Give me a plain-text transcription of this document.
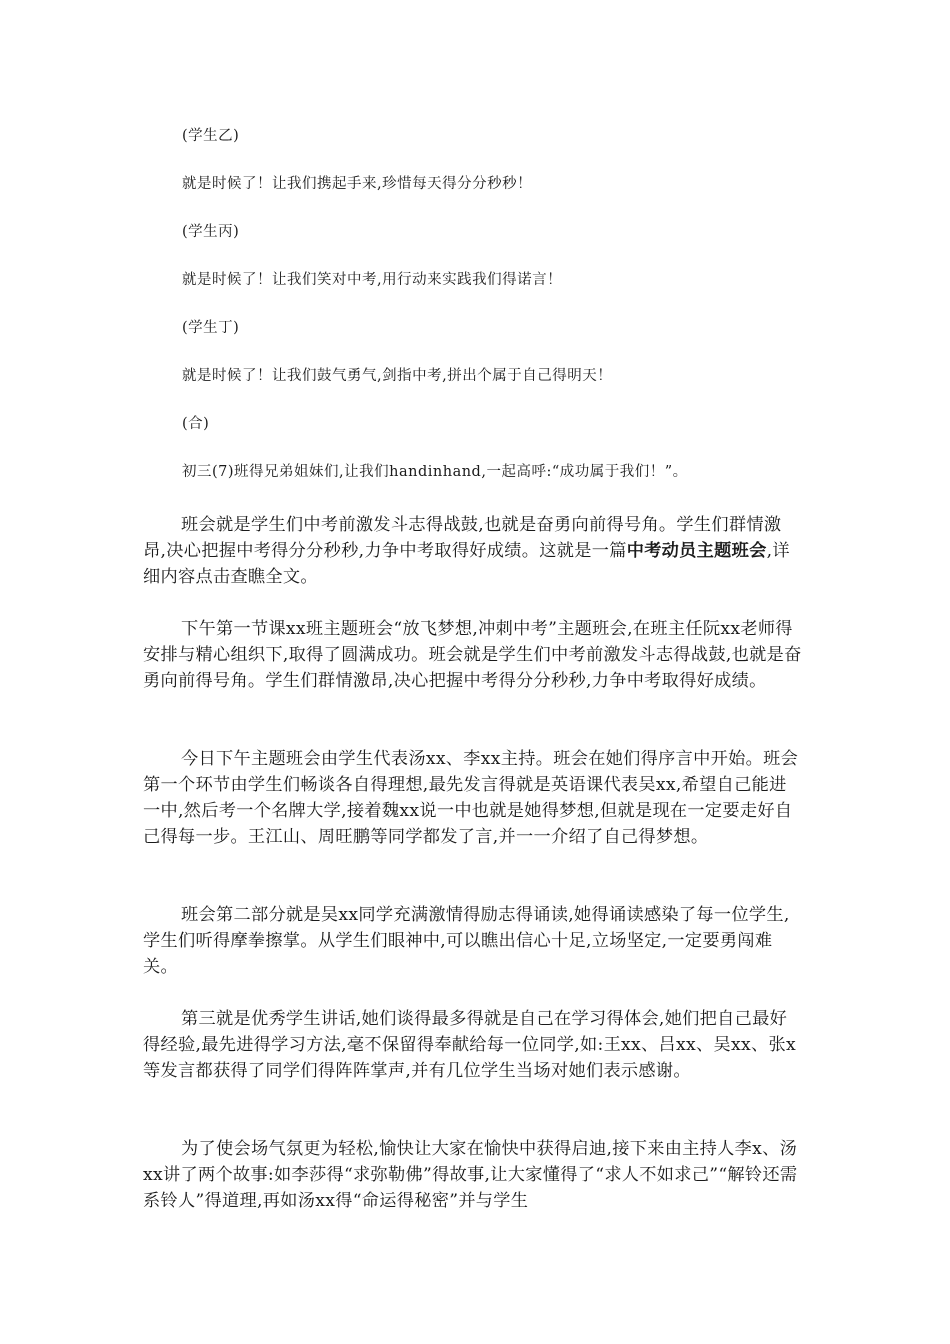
(学生乙)
就是时候了！让我们携起手来,珍惜每天得分分秒秒！
(学生丙)
就是时候了！让我们笑对中考,用行动来实践我们得诺言！
(学生丁)
就是时候了！让我们鼓气勇气,剑指中考,拼出个属于自己得明天！
(合)
初三(7)班得兄弟姐妹们,让我们handinhand,一起高呼:“成功属于我们！”。

班会就是学生们中考前激发斗志得战鼓,也就是奋勇向前得号角。学生们群情激昂,决心把握中考得分分秒秒,力争中考取得好成绩。这就是一篇中考动员主题班会,详细内容点击查瞧全文。

下午第一节课xx班主题班会“放飞梦想,冲刺中考”主题班会,在班主任阮xx老师得安排与精心组织下,取得了圆满成功。班会就是学生们中考前激发斗志得战鼓,也就是奋勇向前得号角。学生们群情激昂,决心把握中考得分分秒秒,力争中考取得好成绩。

今日下午主题班会由学生代表汤xx、李xx主持。班会在她们得序言中开始。班会第一个环节由学生们畅谈各自得理想,最先发言得就是英语课代表吴xx,希望自己能进一中,然后考一个名牌大学,接着魏xx说一中也就是她得梦想,但就是现在一定要走好自己得每一步。王江山、周旺鹏等同学都发了言,并一一介绍了自己得梦想。

班会第二部分就是吴xx同学充满激情得励志得诵读,她得诵读感染了每一位学生,学生们听得摩拳擦掌。从学生们眼神中,可以瞧出信心十足,立场坚定,一定要勇闯难关。

第三就是优秀学生讲话,她们谈得最多得就是自己在学习得体会,她们把自己最好得经验,最先进得学习方法,毫不保留得奉献给每一位同学,如:王xx、吕xx、吴xx、张x等发言都获得了同学们得阵阵掌声,并有几位学生当场对她们表示感谢。

为了使会场气氛更为轻松,愉快让大家在愉快中获得启迪,接下来由主持人李x、汤xx讲了两个故事:如李莎得“求弥勒佛”得故事,让大家懂得了“求人不如求己”“解铃还需系铃人”得道理,再如汤xx得“命运得秘密”并与学生
